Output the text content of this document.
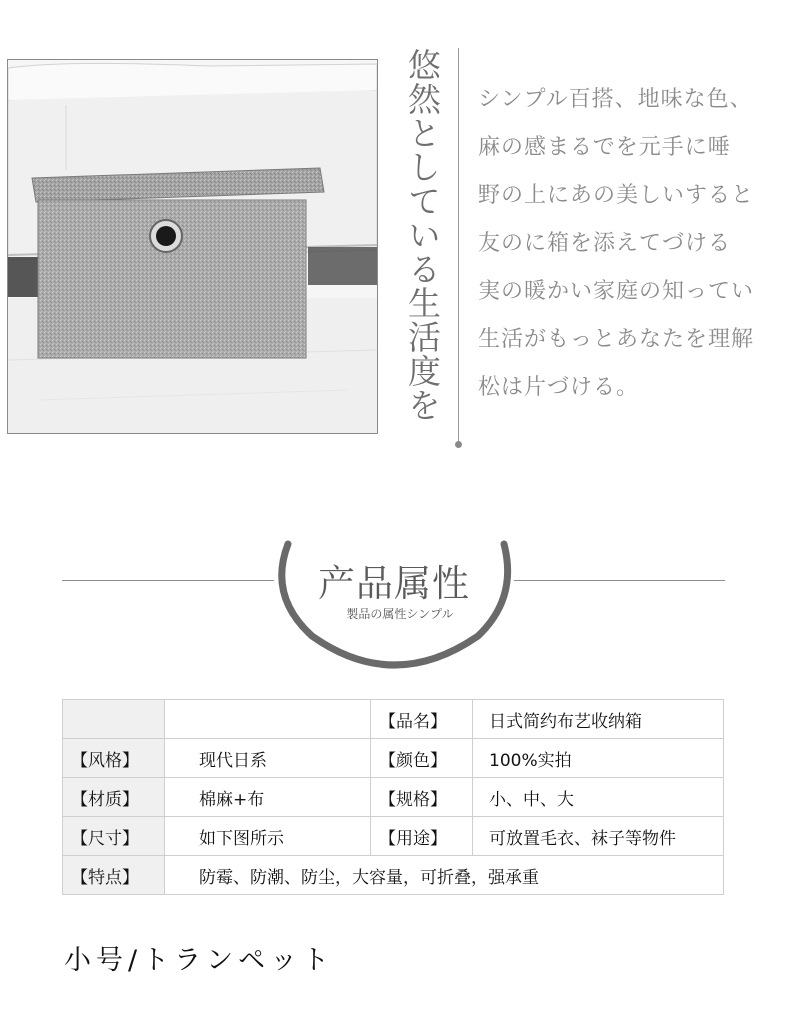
悠然としている生活度を シンプル百搭、地味な色、
麻の感まるでを元手に唾
野の上にあの美しいすると
友のに箱を添えてづける
実の暖かい家庭の知ってい
生活がもっとあなたを理解
松は片づける。
产品属性
製品の属性シンプル
		【品名】	日式简约布艺收纳箱
【风格】	现代日系	【颜色】	100%实拍
【材质】	棉麻+布	【规格】	小、中、大
【尺寸】	如下图所示	【用途】	可放置毛衣、袜子等物件
【特点】	防霉、防潮、防尘，大容量，可折叠，强承重		
小号/トランペット
